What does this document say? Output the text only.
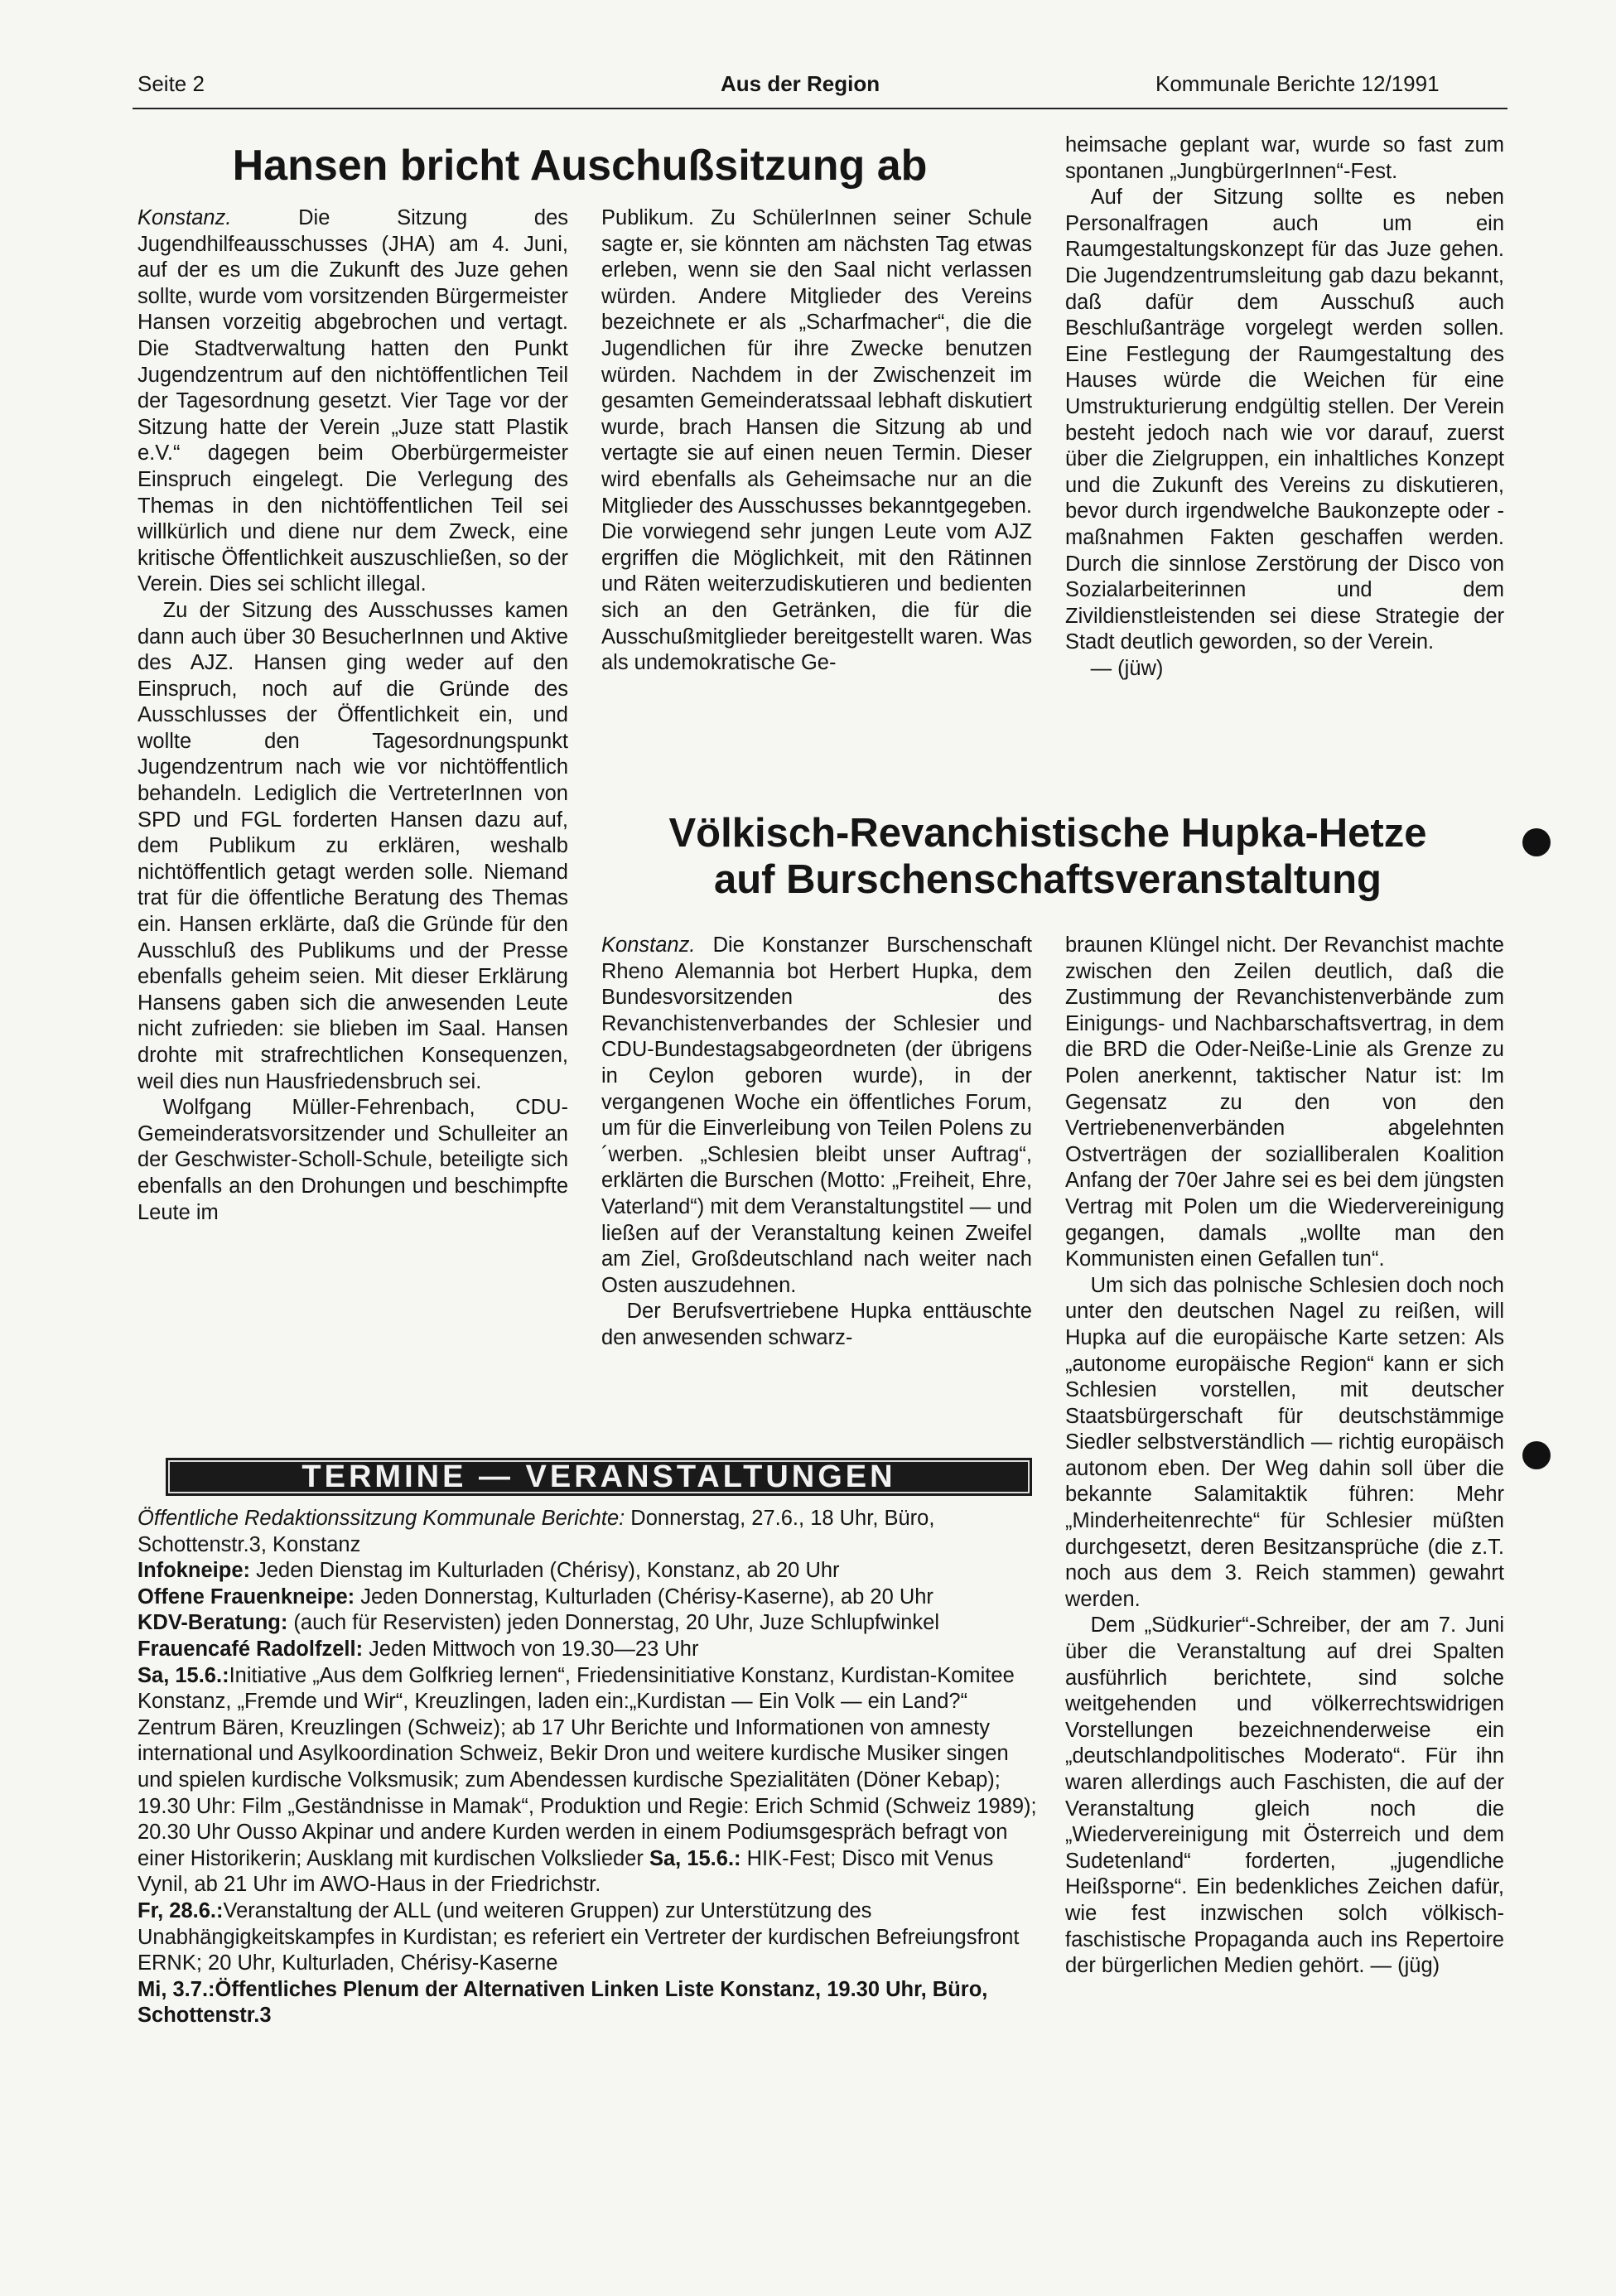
Seite 2	Aus der Region	Kommunale Berichte 12/1991
Hansen bricht Auschußsitzung ab

Konstanz. Die Sitzung des Jugendhilfeausschusses (JHA) am 4. Juni, auf der es um die Zukunft des Juze gehen sollte, wurde vom vorsitzenden Bürgermeister Hansen vorzeitig abgebrochen und vertagt. Die Stadtverwaltung hatten den Punkt Jugendzentrum auf den nichtöffentlichen Teil der Tagesordnung gesetzt. Vier Tage vor der Sitzung hatte der Verein „Juze statt Plastik e.V.“ dagegen beim Oberbürgermeister Einspruch eingelegt. Die Verlegung des Themas in den nichtöffentlichen Teil sei willkürlich und diene nur dem Zweck, eine kritische Öffentlichkeit auszuschließen, so der Verein. Dies sei schlicht illegal.

Zu der Sitzung des Ausschusses kamen dann auch über 30 BesucherInnen und Aktive des AJZ. Hansen ging weder auf den Einspruch, noch auf die Gründe des Ausschlusses der Öffentlichkeit ein, und wollte den Tagesordnungspunkt Jugendzentrum nach wie vor nichtöffentlich behandeln. Lediglich die VertreterInnen von SPD und FGL forderten Hansen dazu auf, dem Publikum zu erklären, weshalb nichtöffentlich getagt werden solle. Niemand trat für die öffentliche Beratung des Themas ein. Hansen erklärte, daß die Gründe für den Ausschluß des Publikums und der Presse ebenfalls geheim seien. Mit dieser Erklärung Hansens gaben sich die anwesenden Leute nicht zufrieden: sie blieben im Saal. Hansen drohte mit strafrechtlichen Konsequenzen, weil dies nun Hausfriedensbruch sei.

Wolfgang Müller-Fehrenbach, CDU-Gemeinderatsvorsitzender und Schulleiter an der Geschwister-Scholl-Schule, beteiligte sich ebenfalls an den Drohungen und beschimpfte Leute im

Publikum. Zu SchülerInnen seiner Schule sagte er, sie könnten am nächsten Tag etwas erleben, wenn sie den Saal nicht verlassen würden. Andere Mitglieder des Vereins bezeichnete er als „Scharfmacher“, die die Jugendlichen für ihre Zwecke benutzen würden. Nachdem in der Zwischenzeit im gesamten Gemeinderatssaal lebhaft diskutiert wurde, brach Hansen die Sitzung ab und vertagte sie auf einen neuen Termin. Dieser wird ebenfalls als Geheimsache nur an die Mitglieder des Ausschusses bekanntgegeben. Die vorwiegend sehr jungen Leute vom AJZ ergriffen die Möglichkeit, mit den Rätinnen und Räten weiterzudiskutieren und bedienten sich an den Getränken, die für die Ausschußmitglieder bereitgestellt waren. Was als undemokratische Ge-

heimsache geplant war, wurde so fast zum spontanen „JungbürgerInnen“-Fest.

Auf der Sitzung sollte es neben Personalfragen auch um ein Raumgestaltungskonzept für das Juze gehen. Die Jugendzentrumsleitung gab dazu bekannt, daß dafür dem Ausschuß auch Beschlußanträge vorgelegt werden sollen. Eine Festlegung der Raumgestaltung des Hauses würde die Weichen für eine Umstrukturierung endgültig stellen. Der Verein besteht jedoch nach wie vor darauf, zuerst über die Zielgruppen, ein inhaltliches Konzept und die Zukunft des Vereins zu diskutieren, bevor durch irgendwelche Baukonzepte oder -maßnahmen Fakten geschaffen werden. Durch die sinnlose Zerstörung der Disco von Sozialarbeiterinnen und dem Zivildienstleistenden sei diese Strategie der Stadt deutlich geworden, so der Verein.

— (jüw)

Völkisch-Revanchistische Hupka-Hetze
auf Burschenschaftsveranstaltung

Konstanz. Die Konstanzer Burschenschaft Rheno Alemannia bot Herbert Hupka, dem Bundesvorsitzenden des Revanchistenverbandes der Schlesier und CDU-Bundestagsabgeordneten (der übrigens in Ceylon geboren wurde), in der vergangenen Woche ein öffentliches Forum, um für die Einverleibung von Teilen Polens zu´werben. „Schlesien bleibt unser Auftrag“, erklärten die Burschen (Motto: „Freiheit, Ehre, Vaterland“) mit dem Veranstaltungstitel — und ließen auf der Veranstaltung keinen Zweifel am Ziel, Großdeutschland nach weiter nach Osten auszudehnen.

Der Berufsvertriebene Hupka enttäuschte den anwesenden schwarz-

braunen Klüngel nicht. Der Revanchist machte zwischen den Zeilen deutlich, daß die Zustimmung der Revanchistenverbände zum Einigungs- und Nachbarschaftsvertrag, in dem die BRD die Oder-Neiße-Linie als Grenze zu Polen anerkennt, taktischer Natur ist: Im Gegensatz zu den von den Vertriebenenverbänden abgelehnten Ostverträgen der sozialliberalen Koalition Anfang der 70er Jahre sei es bei dem jüngsten Vertrag mit Polen um die Wiedervereinigung gegangen, damals „wollte man den Kommunisten einen Gefallen tun“.

Um sich das polnische Schlesien doch noch unter den deutschen Nagel zu reißen, will Hupka auf die europäische Karte setzen: Als „autonome europäische Region“ kann er sich Schlesien vorstellen, mit deutscher Staatsbürgerschaft für deutschstämmige Siedler selbstverständlich — richtig europäisch autonom eben. Der Weg dahin soll über die bekannte Salamitaktik führen: Mehr „Minderheitenrechte“ für Schlesier müßten durchgesetzt, deren Besitzansprüche (die z.T. noch aus dem 3. Reich stammen) gewahrt werden.

Dem „Südkurier“-Schreiber, der am 7. Juni über die Veranstaltung auf drei Spalten ausführlich berichtete, sind solche weitgehenden und völkerrechtswidrigen Vorstellungen bezeichnenderweise ein „deutschlandpolitisches Moderato“. Für ihn waren allerdings auch Faschisten, die auf der Veranstaltung gleich noch die „Wiedervereinigung mit Österreich und dem Sudetenland“ forderten, „jugendliche Heißsporne“. Ein bedenkliches Zeichen dafür, wie fest inzwischen solch völkisch-faschistische Propaganda auch ins Repertoire der bürgerlichen Medien gehört. — (jüg)

TERMINE — VERANSTALTUNGEN

Öffentliche Redaktionssitzung Kommunale Berichte: Donnerstag, 27.6., 18 Uhr, Büro, Schottenstr.3, Konstanz

Infokneipe: Jeden Dienstag im Kulturladen (Chérisy), Konstanz, ab 20 Uhr

Offene Frauenkneipe: Jeden Donnerstag, Kulturladen (Chérisy-Kaserne), ab 20 Uhr

KDV-Beratung: (auch für Reservisten) jeden Donnerstag, 20 Uhr, Juze Schlupfwinkel

Frauencafé Radolfzell: Jeden Mittwoch von 19.30—23 Uhr

Sa, 15.6.:Initiative „Aus dem Golfkrieg lernen“, Friedensinitiative Konstanz, Kurdistan-Komitee Konstanz, „Fremde und Wir“, Kreuzlingen, laden ein:„Kurdistan — Ein Volk — ein Land?“ Zentrum Bären, Kreuzlingen (Schweiz); ab 17 Uhr Berichte und Informationen von amnesty international und Asylkoordination Schweiz, Bekir Dron und weitere kurdische Musiker singen und spielen kurdische Volksmusik; zum Abendessen kurdische Spezialitäten (Döner Kebap); 19.30 Uhr: Film „Geständnisse in Mamak“, Produktion und Regie: Erich Schmid (Schweiz 1989); 20.30 Uhr Ousso Akpinar und andere Kurden werden in einem Podiumsgespräch befragt von einer Historikerin; Ausklang mit kurdischen Volkslieder Sa, 15.6.: HIK-Fest; Disco mit Venus Vynil, ab 21 Uhr im AWO-Haus in der Friedrichstr.

Fr, 28.6.:Veranstaltung der ALL (und weiteren Gruppen) zur Unterstützung des Unabhängigkeitskampfes in Kurdistan; es referiert ein Vertreter der kurdischen Befreiungsfront ERNK; 20 Uhr, Kulturladen, Chérisy-Kaserne

Mi, 3.7.:Öffentliches Plenum der Alternativen Linken Liste Konstanz, 19.30 Uhr, Büro, Schottenstr.3
